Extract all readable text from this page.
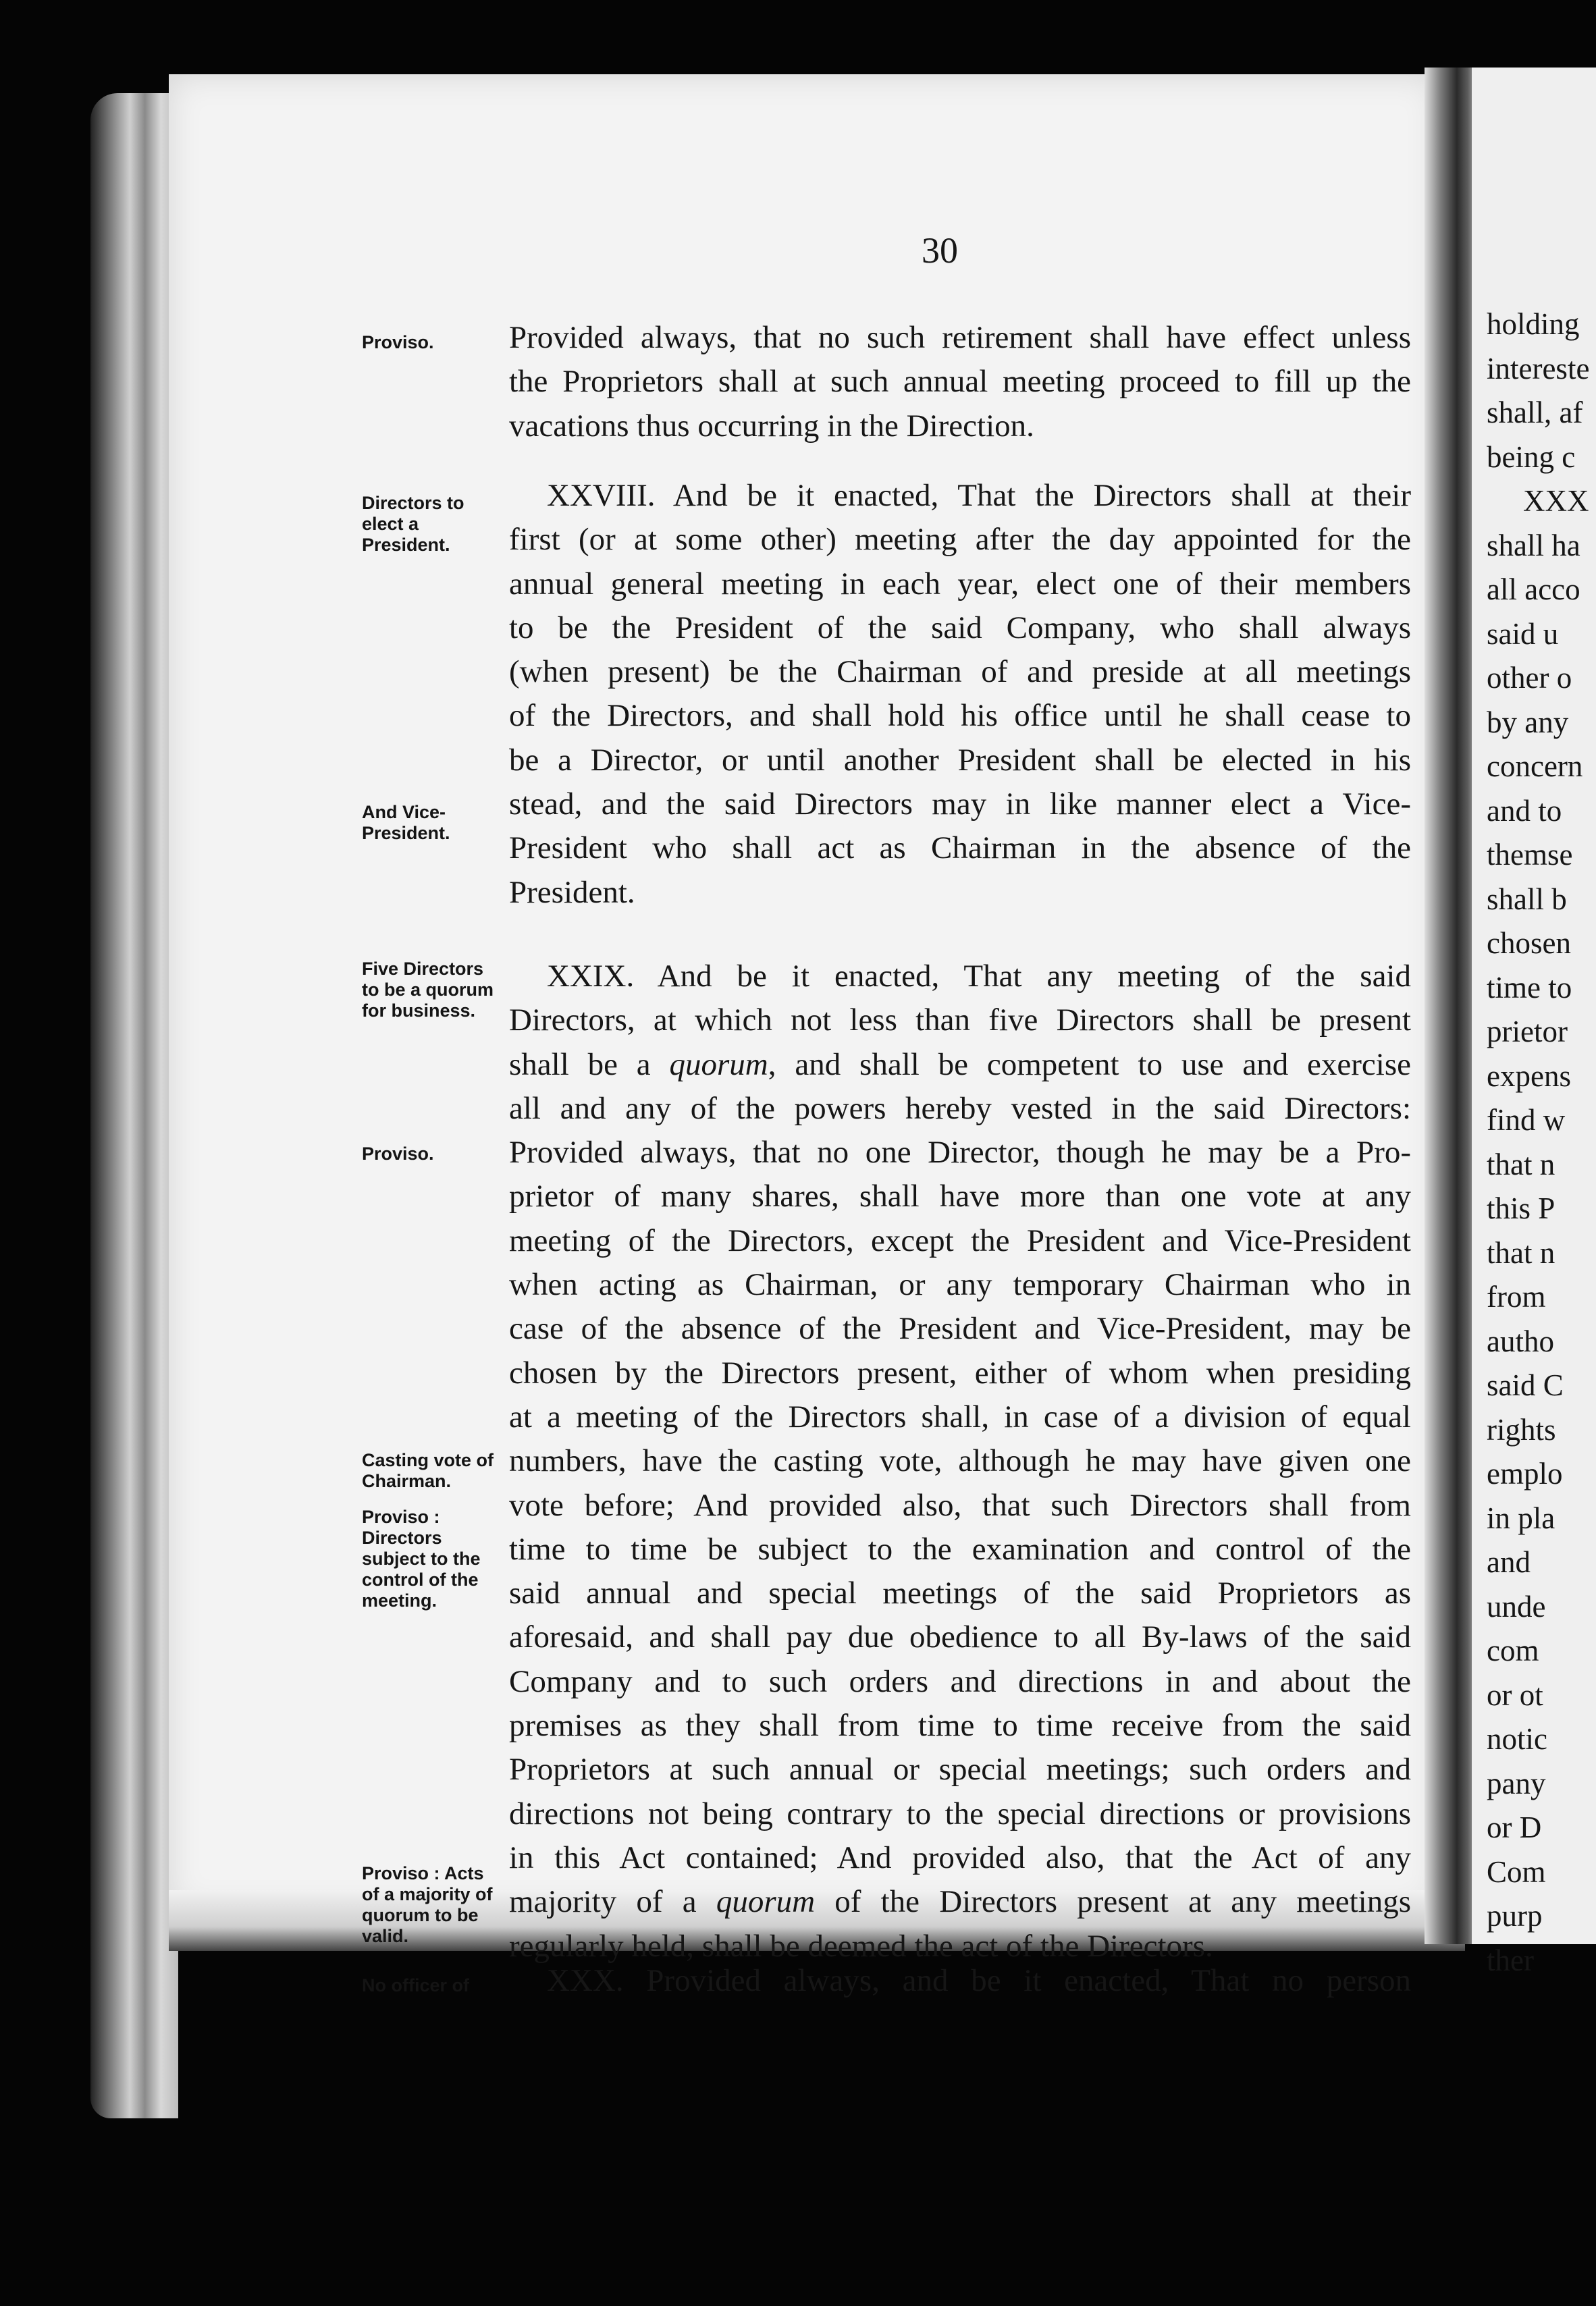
30
Proviso.
Directors to elect a President.
And Vice-President.
Five Directors to be a quorum for business.
Proviso.
Casting vote of Chairman.
Proviso : Directors subject to the control of the meeting.
Proviso : Acts of a majority of quorum to be valid.
No officer of
Provided always, that no such retirement shall have effect unless
the Proprietors shall at such annual meeting proceed to fill up the
vacations thus occurring in the Direction.
XXVIII. And be it enacted, That the Directors shall at their
first (or at some other) meeting after the day appointed for the
annual general meeting in each year, elect one of their members
to be the President of the said Company, who shall always
(when present) be the Chairman of and preside at all meetings
of the Directors, and shall hold his office until he shall cease to
be a Director, or until another President shall be elected in his
stead, and the said Directors may in like manner elect a Vice-
President who shall act as Chairman in the absence of the
President.
XXIX. And be it enacted, That any meeting of the said
Directors, at which not less than five Directors shall be present
shall be a quorum, and shall be competent to use and exercise
all and any of the powers hereby vested in the said Directors:
Provided always, that no one Director, though he may be a Pro-
prietor of many shares, shall have more than one vote at any
meeting of the Directors, except the President and Vice-President
when acting as Chairman, or any temporary Chairman who in
case of the absence of the President and Vice-President, may be
chosen by the Directors present, either of whom when presiding
at a meeting of the Directors shall, in case of a division of equal
numbers, have the casting vote, although he may have given one
vote before; And provided also, that such Directors shall from
time to time be subject to the examination and control of the
said annual and special meetings of the said Proprietors as
aforesaid, and shall pay due obedience to all By-laws of the said
Company and to such orders and directions in and about the
premises as they shall from time to time receive from the said
Proprietors at such annual or special meetings; such orders and
directions not being contrary to the special directions or provisions
in this Act contained; And provided also, that the Act of any
majority of a quorum of the Directors present at any meetings
regularly held, shall be deemed the act of the Directors.
XXX. Provided always, and be it enacted, That no person
holding
intereste
shall, af
being c
XXX
shall ha
all acco
said u
other o
by any
concern
and to
themse
shall b
chosen
time to
prietor
expens
find w
that n
this P
that n
from
autho
said C
rights
emplo
in pla
and
unde
com
or ot
notic
pany
or D
Com
purp
ther
